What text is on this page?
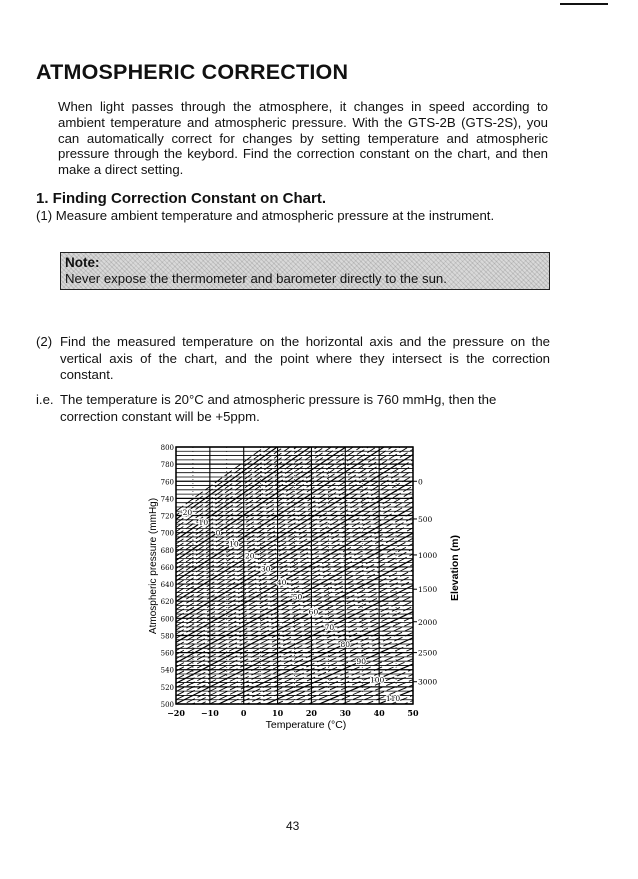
ATMOSPHERIC CORRECTION

When light passes through the atmosphere, it changes in speed according to ambient temperature and atmospheric pressure. With the GTS-2B (GTS-2S), you can automatically correct for changes by setting temperature and atmospheric pressure through the keybord. Find the correction constant on the chart, and then make a direct setting.

1. Finding Correction Constant on Chart.

(1) Measure ambient temperature and atmospheric pressure at the instrument.

Note:
Never expose the thermometer and barometer directly to the sun.

(2) Find the measured temperature on the horizontal axis and the pressure on the vertical axis of the chart, and the point where they intersect is the correction constant.

i.e. The temperature is 20°C and atmospheric pressure is 760 mmHg, then the correction constant will be +5ppm.

-20
-10
0
10
20
30
40
50
60
70
80
90
100
110
−20 −10	0	10	20	30	40	50
500
520
540
560
580
600
620
640
660
680
700
720
740
760
780
800
0
500
1000
1500
2000
2500
3000
Temperature (°C)
Atmospheric pressure (mmHg)	Elevation (m)
43
